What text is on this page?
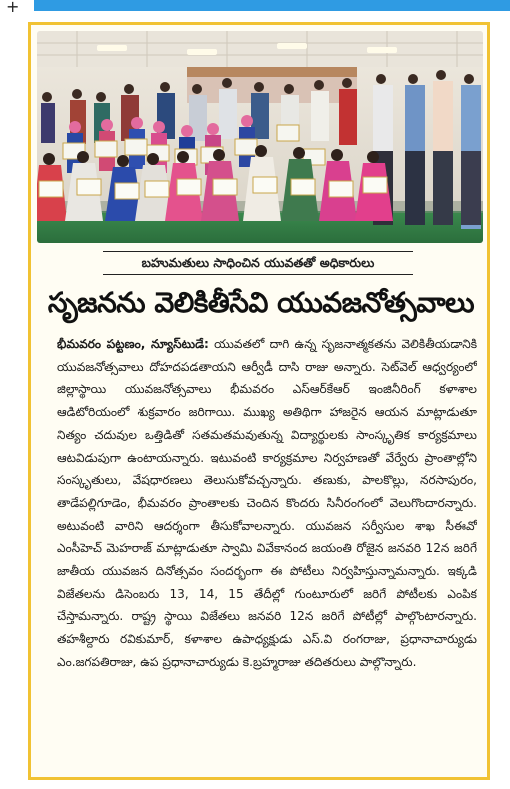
+
బహుమతులు సాధించిన యువతతో అధికారులు
సృజనను వెలికితీసేవి యువజనోత్సవాలు
భీమవరం పట్టణం, న్యూస్‌టుడే: యువతలో దాగి ఉన్న సృజనాత్మకతను వెలికితీయడానికి యువజనోత్సవాలు దోహదపడతాయని ఆర్వీడీ దాసి రాజు అన్నారు. సెట్‌వెల్ ఆధ్వర్యంలో జిల్లాస్థాయి యువజనోత్సవాలు భీమవరం ఎస్ఆర్‌కేఆర్ ఇంజినీరింగ్ కళాశాల ఆడిటోరియంలో శుక్రవారం జరిగాయి. ముఖ్య అతిథిగా హాజరైన ఆయన మాట్లాడుతూ నిత్యం చదువుల ఒత్తిడితో సతమతమవుతున్న విద్యార్థులకు సాంస్కృతిక కార్యక్రమాలు ఆటవిడుపుగా ఉంటాయన్నారు. ఇటువంటి కార్యక్రమాల నిర్వహణతో వేర్వేరు ప్రాంతాల్లోని సంస్కృతులు, వేషధారణలు తెలుసుకోవచ్చన్నారు. తణుకు, పాలకొల్లు, నరసాపురం, తాడేపల్లిగూడెం, భీమవరం ప్రాంతాలకు చెందిన కొందరు సినీరంగంలో వెలుగొందారన్నారు. అటువంటి వారిని ఆదర్శంగా తీసుకోవాలన్నారు. యువజన సర్వీసుల శాఖ సీఈవో ఎంసీహెచ్ మెహరాజ్ మాట్లాడుతూ స్వామి వివేకానంద జయంతి రోజైన జనవరి 12న జరిగే జాతీయ యువజన దినోత్సవం సందర్భంగా ఈ పోటీలు నిర్వహిస్తున్నామన్నారు. ఇక్కడి విజేతలను డిసెంబరు 13, 14, 15 తేదీల్లో గుంటూరులో జరిగే పోటీలకు ఎంపిక చేస్తామన్నారు. రాష్ట్ర స్థాయి విజేతలు జనవరి 12న జరిగే పోటీల్లో పాల్గొంటారన్నారు. తహశీల్దారు రవికుమార్, కళాశాల ఉపాధ్యక్షుడు ఎస్.వి రంగరాజు, ప్రధానాచార్యుడు ఎం.జగపతిరాజు, ఉప ప్రధానాచార్యుడు కె.బ్రహ్మరాజు తదితరులు పాల్గొన్నారు.
